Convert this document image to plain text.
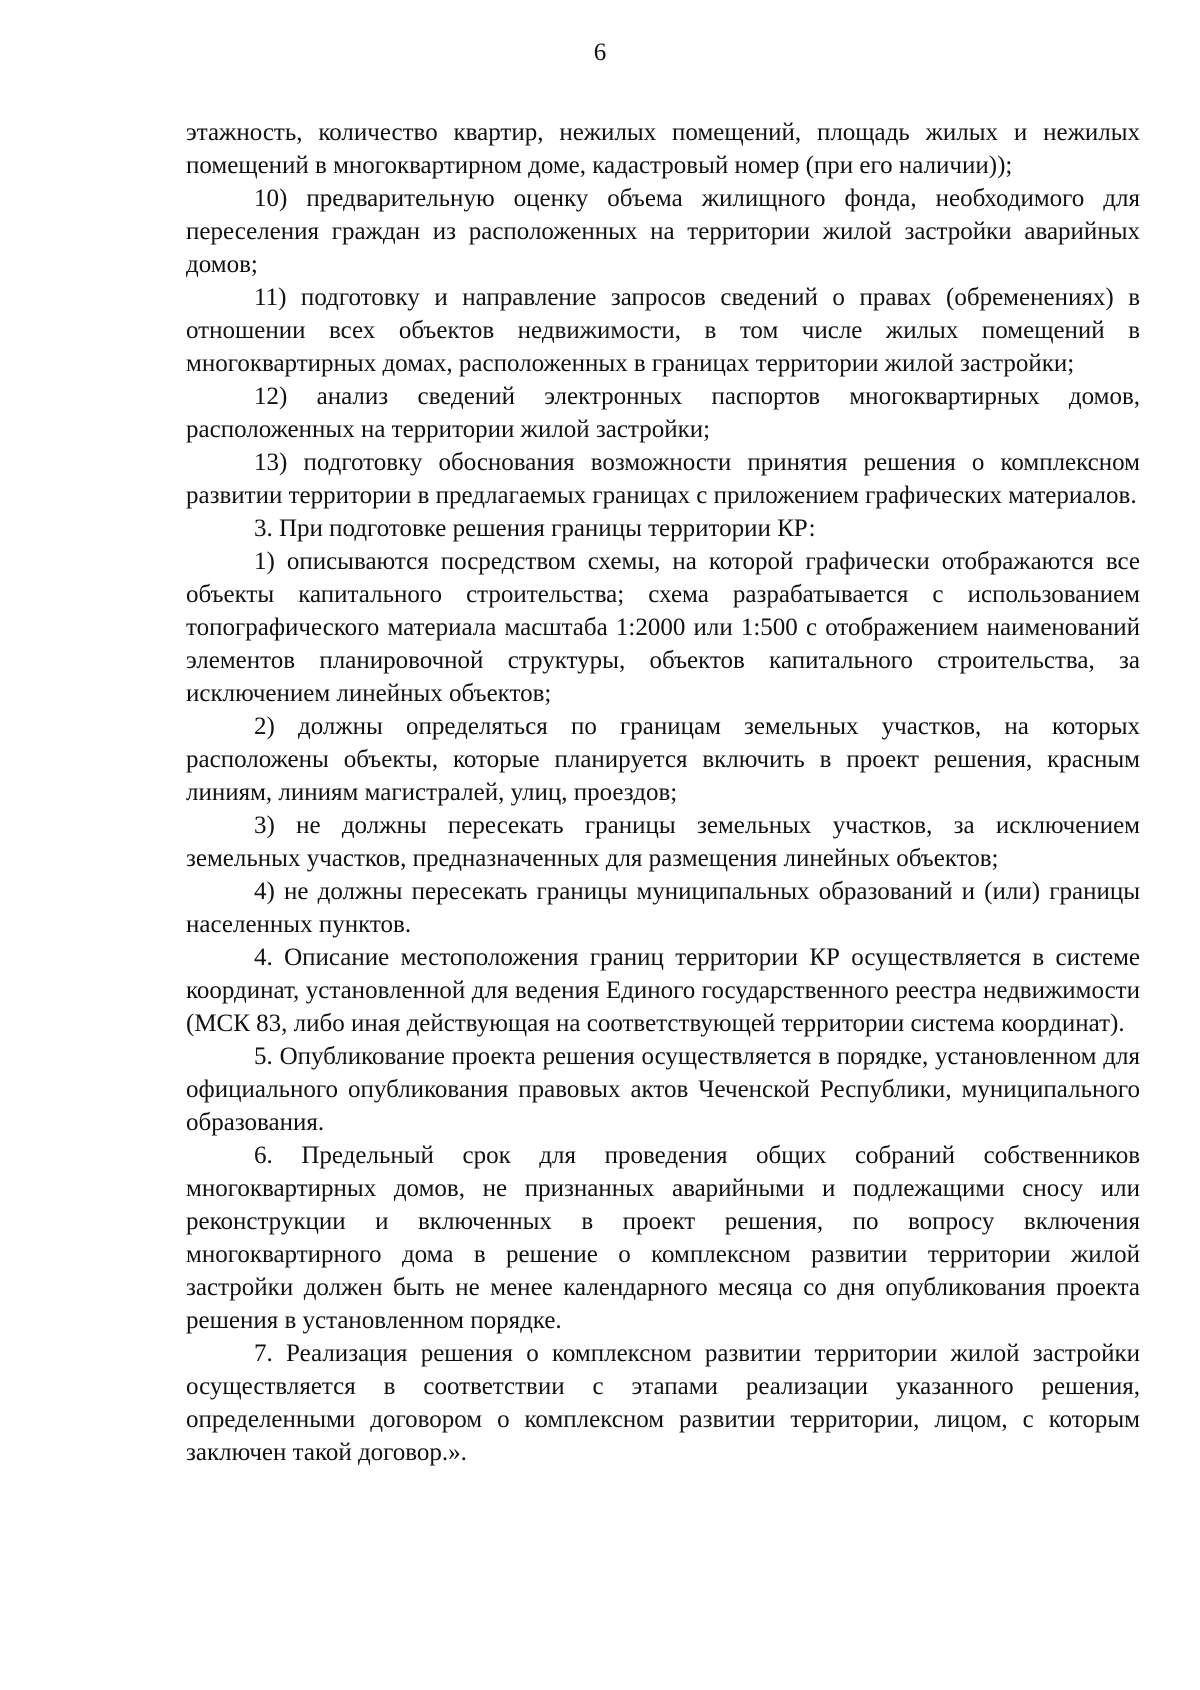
6

этажность, количество квартир, нежилых помещений, площадь жилых и нежилых помещений в многоквартирном доме, кадастровый номер (при его наличии));

10) предварительную оценку объема жилищного фонда, необходимого для переселения граждан из расположенных на территории жилой застройки аварийных домов;

11) подготовку и направление запросов сведений о правах (обременениях) в отношении всех объектов недвижимости, в том числе жилых помещений в многоквартирных домах, расположенных в границах территории жилой застройки;

12) анализ сведений электронных паспортов многоквартирных домов, расположенных на территории жилой застройки;

13) подготовку обоснования возможности принятия решения о комплексном развитии территории в предлагаемых границах с приложением графических материалов.

3. При подготовке решения границы территории КР:

1) описываются посредством схемы, на которой графически отображаются все объекты капитального строительства; схема разрабатывается с использованием топографического материала масштаба 1:2000 или 1:500 с отображением наименований элементов планировочной структуры, объектов капитального строительства, за исключением линейных объектов;

2) должны определяться по границам земельных участков, на которых расположены объекты, которые планируется включить в проект решения, красным линиям, линиям магистралей, улиц, проездов;

3) не должны пересекать границы земельных участков, за исключением земельных участков, предназначенных для размещения линейных объектов;

4) не должны пересекать границы муниципальных образований и (или) границы населенных пунктов.

4. Описание местоположения границ территории КР осуществляется в системе координат, установленной для ведения Единого государственного реестра недвижимости (МСК 83, либо иная действующая на соответствующей территории система координат).

5. Опубликование проекта решения осуществляется в порядке, установленном для официального опубликования правовых актов Чеченской Республики, муниципального образования.

6. Предельный срок для проведения общих собраний собственников многоквартирных домов, не признанных аварийными и подлежащими сносу или реконструкции и включенных в проект решения, по вопросу включения многоквартирного дома в решение о комплексном развитии территории жилой застройки должен быть не менее календарного месяца со дня опубликования проекта решения в установленном порядке.

7. Реализация решения о комплексном развитии территории жилой застройки осуществляется в соответствии с этапами реализации указанного решения, определенными договором о комплексном развитии территории, лицом, с которым заключен такой договор.».
